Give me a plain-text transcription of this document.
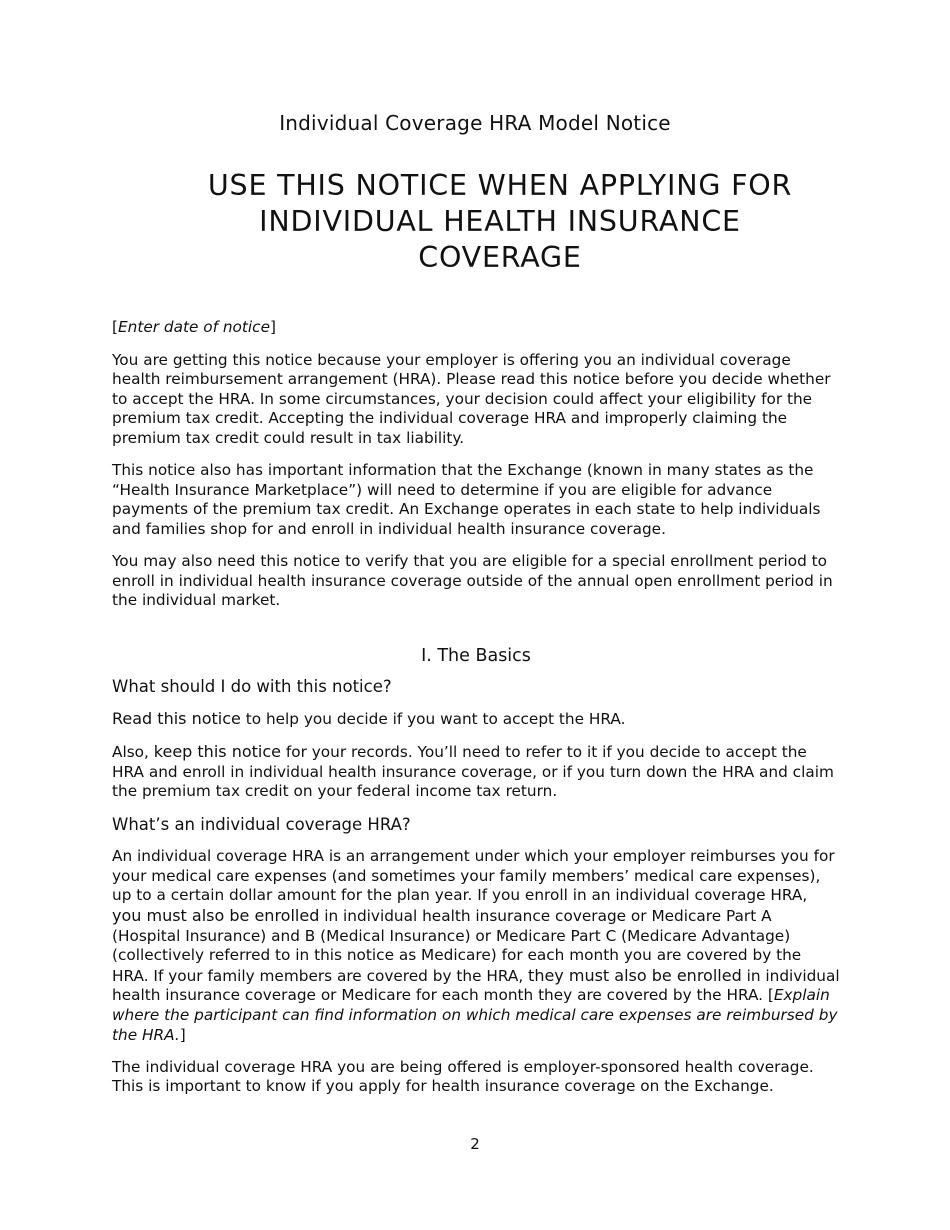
Individual Coverage HRA Model Notice
USE THIS NOTICE WHEN APPLYING FOR
INDIVIDUAL HEALTH INSURANCE
COVERAGE

[Enter date of notice]

You are getting this notice because your employer is offering you an individual coverage health reimbursement arrangement (HRA). Please read this notice before you decide whether to accept the HRA. In some circumstances, your decision could affect your eligibility for the premium tax credit. Accepting the individual coverage HRA and improperly claiming the premium tax credit could result in tax liability.

This notice also has important information that the Exchange (known in many states as the “Health Insurance Marketplace”) will need to determine if you are eligible for advance payments of the premium tax credit. An Exchange operates in each state to help individuals and families shop for and enroll in individual health insurance coverage.

You may also need this notice to verify that you are eligible for a special enrollment period to enroll in individual health insurance coverage outside of the annual open enrollment period in the individual market.

I. The Basics

What should I do with this notice?

Read this notice to help you decide if you want to accept the HRA.

Also, keep this notice for your records. You’ll need to refer to it if you decide to accept the HRA and enroll in individual health insurance coverage, or if you turn down the HRA and claim the premium tax credit on your federal income tax return.

What’s an individual coverage HRA?

An individual coverage HRA is an arrangement under which your employer reimburses you for your medical care expenses (and sometimes your family members’ medical care expenses), up to a certain dollar amount for the plan year. If you enroll in an individual coverage HRA, you must also be enrolled in individual health insurance coverage or Medicare Part A (Hospital Insurance) and B (Medical Insurance) or Medicare Part C (Medicare Advantage) (collectively referred to in this notice as Medicare) for each month you are covered by the HRA. If your family members are covered by the HRA, they must also be enrolled in individual health insurance coverage or Medicare for each month they are covered by the HRA. [Explain where the participant can find information on which medical care expenses are reimbursed by the HRA.]

The individual coverage HRA you are being offered is employer-sponsored health coverage. This is important to know if you apply for health insurance coverage on the Exchange.

2
